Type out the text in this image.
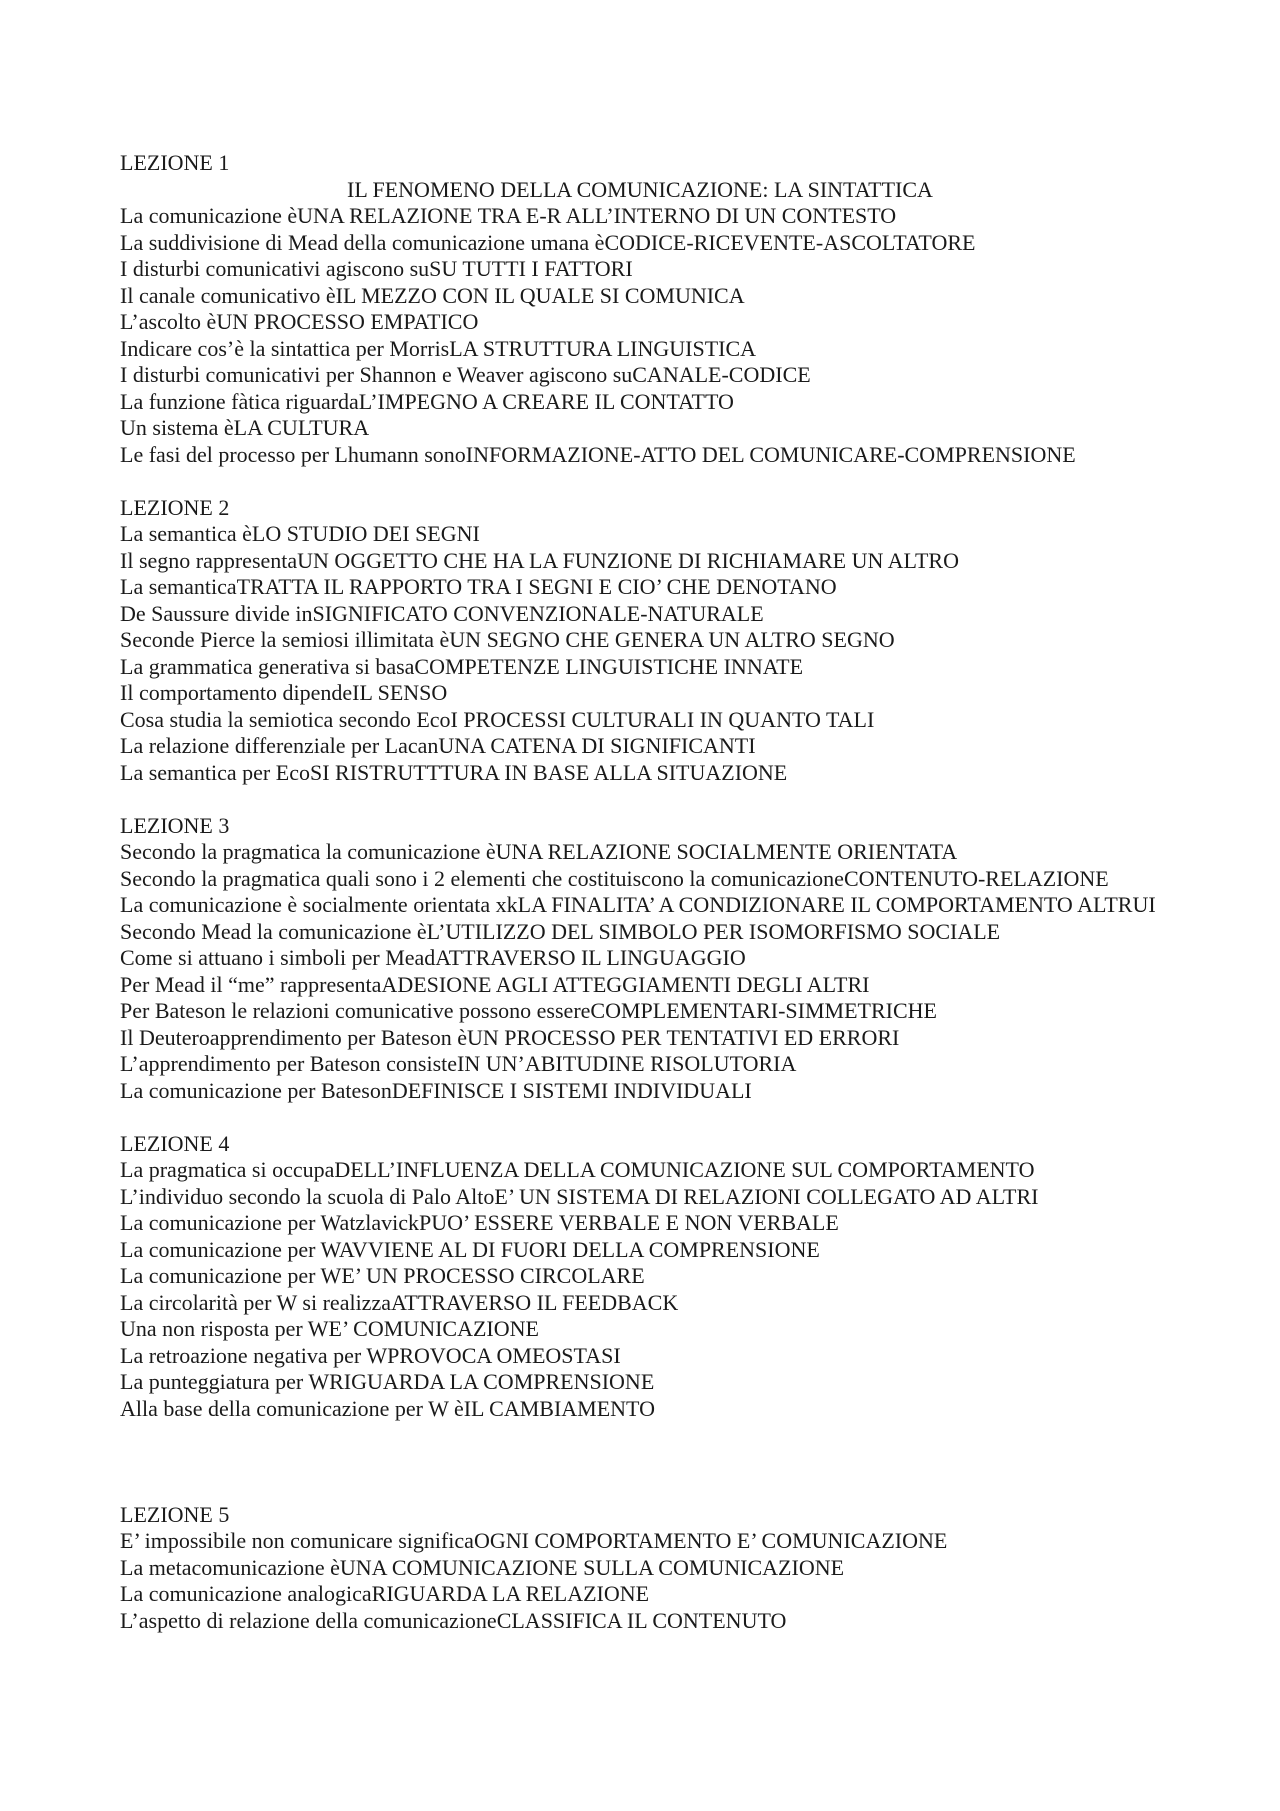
LEZIONE 1
IL FENOMENO DELLA COMUNICAZIONE: LA SINTATTICA
La comunicazione èUNA RELAZIONE TRA E-R ALL’INTERNO DI UN CONTESTO
La suddivisione di Mead della comunicazione umana èCODICE-RICEVENTE-ASCOLTATORE
I disturbi comunicativi agiscono suSU TUTTI I FATTORI
Il canale comunicativo èIL MEZZO CON IL QUALE SI COMUNICA
L’ascolto èUN PROCESSO EMPATICO
Indicare cos’è la sintattica per MorrisLA STRUTTURA LINGUISTICA
I disturbi comunicativi per Shannon e Weaver agiscono suCANALE-CODICE
La funzione fàtica riguardaL’IMPEGNO A CREARE IL CONTATTO
Un sistema èLA CULTURA
Le fasi del processo per Lhumann sonoINFORMAZIONE-ATTO DEL COMUNICARE-COMPRENSIONE
LEZIONE 2
La semantica èLO STUDIO DEI SEGNI
Il segno rappresentaUN OGGETTO CHE HA LA FUNZIONE DI RICHIAMARE UN ALTRO
La semanticaTRATTA IL RAPPORTO TRA I SEGNI E CIO’ CHE DENOTANO
De Saussure divide inSIGNIFICATO CONVENZIONALE-NATURALE
Seconde Pierce la semiosi illimitata èUN SEGNO CHE GENERA UN ALTRO SEGNO
La grammatica generativa si basaCOMPETENZE LINGUISTICHE INNATE
Il comportamento dipendeIL SENSO
Cosa studia la semiotica secondo EcoI PROCESSI CULTURALI IN QUANTO TALI
La relazione differenziale per LacanUNA CATENA DI SIGNIFICANTI
La semantica per EcoSI RISTRUTTTURA IN BASE ALLA SITUAZIONE
LEZIONE 3
Secondo la pragmatica la comunicazione èUNA RELAZIONE SOCIALMENTE ORIENTATA
Secondo la pragmatica quali sono i 2 elementi che costituiscono la comunicazioneCONTENUTO-RELAZIONE
La comunicazione è socialmente orientata xkLA FINALITA’ A CONDIZIONARE IL COMPORTAMENTO ALTRUI
Secondo Mead la comunicazione èL’UTILIZZO DEL SIMBOLO PER ISOMORFISMO SOCIALE
Come si attuano i simboli per MeadATTRAVERSO IL LINGUAGGIO
Per Mead il “me” rappresentaADESIONE AGLI ATTEGGIAMENTI DEGLI ALTRI
Per Bateson le relazioni comunicative possono essereCOMPLEMENTARI-SIMMETRICHE
Il Deuteroapprendimento per Bateson èUN PROCESSO PER TENTATIVI ED ERRORI
L’apprendimento per Bateson consisteIN UN’ABITUDINE RISOLUTORIA
La comunicazione per BatesonDEFINISCE I SISTEMI INDIVIDUALI
LEZIONE 4
La pragmatica si occupaDELL’INFLUENZA DELLA COMUNICAZIONE SUL COMPORTAMENTO
L’individuo secondo la scuola di Palo AltoE’ UN SISTEMA DI RELAZIONI COLLEGATO AD ALTRI
La comunicazione per WatzlavickPUO’ ESSERE VERBALE E NON VERBALE
La comunicazione per WAVVIENE AL DI FUORI DELLA COMPRENSIONE
La comunicazione per WE’ UN PROCESSO CIRCOLARE
La circolarità per W si realizzaATTRAVERSO IL FEEDBACK
Una non risposta per WE’ COMUNICAZIONE
La retroazione negativa per WPROVOCA OMEOSTASI
La punteggiatura per WRIGUARDA LA COMPRENSIONE
Alla base della comunicazione per W èIL CAMBIAMENTO
LEZIONE 5
E’ impossibile non comunicare significaOGNI COMPORTAMENTO E’ COMUNICAZIONE
La metacomunicazione èUNA COMUNICAZIONE SULLA COMUNICAZIONE
La comunicazione analogicaRIGUARDA LA RELAZIONE
L’aspetto di relazione della comunicazioneCLASSIFICA IL CONTENUTO
